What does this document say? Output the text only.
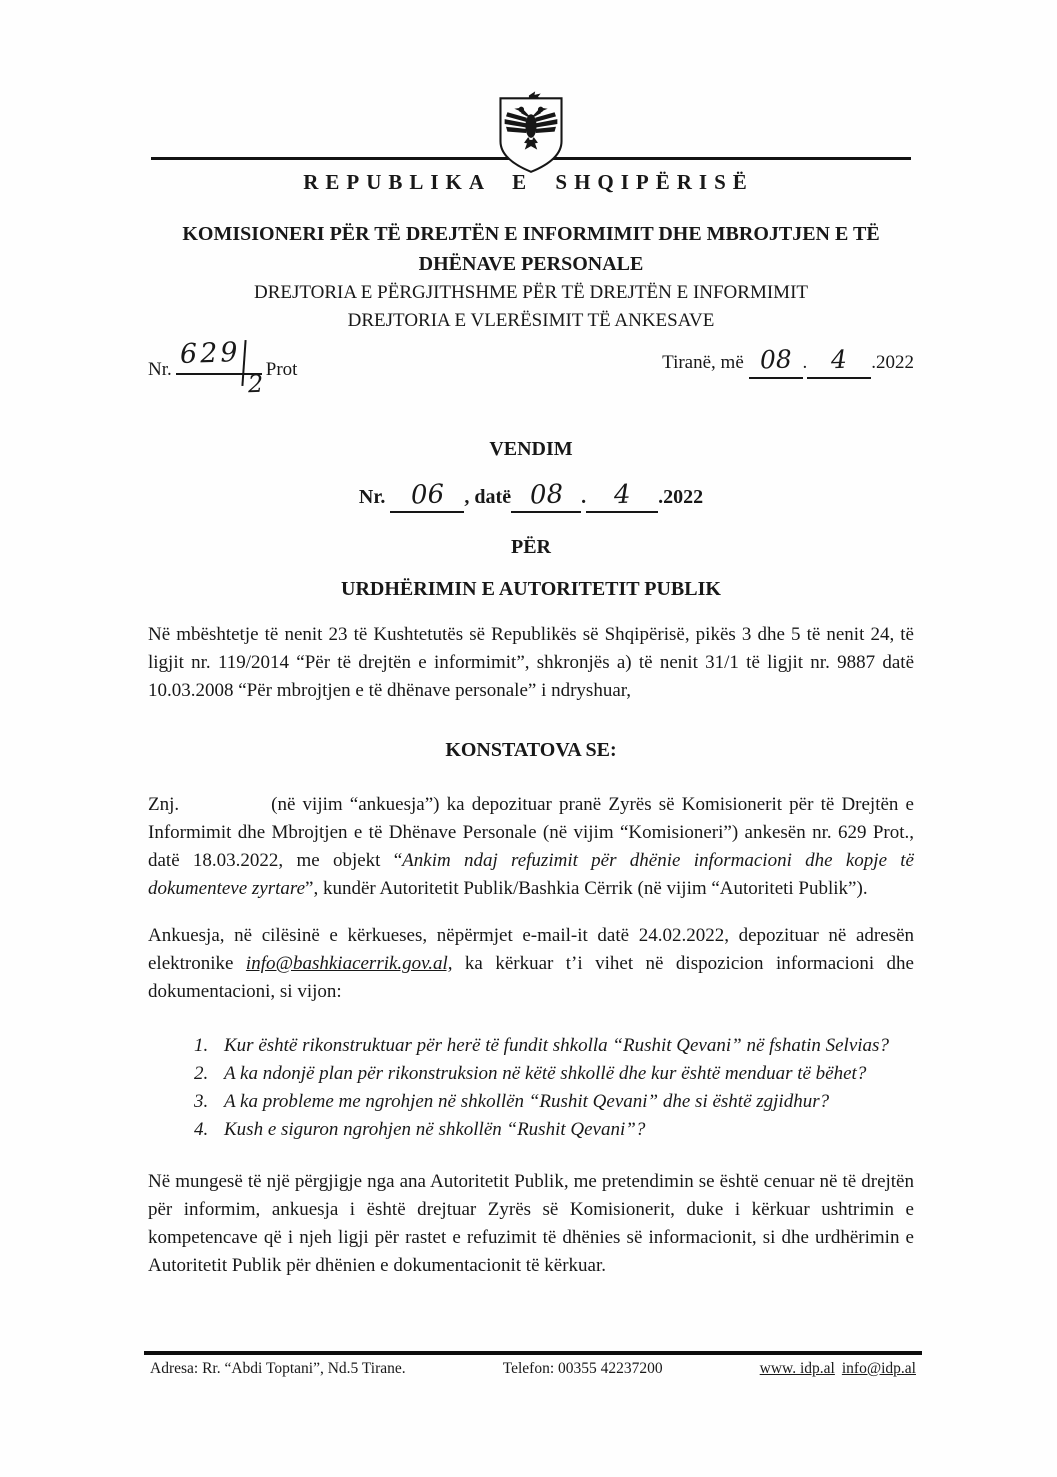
REPUBLIKA E SHQIPËRISË
KOMISIONERI PËR TË DREJTËN E INFORMIMIT DHE MBROJTJEN E TË
DHËNAVE PERSONALE
DREJTORIA E PËRGJITHSHME PËR TË DREJTËN E INFORMIMIT
DREJTORIA E VLERËSIMIT TË ANKESAVE
Nr. 629
2
Prot	Tiranë, më 08 . 4 .2022
VENDIM
Nr. 06 , datë 08 . 4 .2022
PËR
URDHËRIMIN E AUTORITETIT PUBLIK

Në mbështetje të nenit 23 të Kushtetutës së Republikës së Shqipërisë, pikës 3 dhe 5 të nenit 24, të ligjit nr. 119/2014 “Për të drejtën e informimit”, shkronjës a) të nenit 31/1 të ligjit nr. 9887 datë 10.03.2008 “Për mbrojtjen e të dhënave personale” i ndryshuar,

KONSTATOVA SE:

Znj.	(në vijim “ankuesja”) ka depozituar pranë Zyrës së Komisionerit për të Drejtën e Informimit dhe Mbrojtjen e të Dhënave Personale (në vijim “Komisioneri”) ankesën nr. 629 Prot., datë 18.03.2022, me objekt “Ankim ndaj refuzimit për dhënie informacioni dhe kopje të dokumenteve zyrtare”, kundër Autoritetit Publik/Bashkia Cërrik (në vijim “Autoriteti Publik”).

Ankuesja, në cilësinë e kërkueses, nëpërmjet e-mail-it datë 24.02.2022, depozituar në adresën elektronike info@bashkiacerrik.gov.al, ka kërkuar t’i vihet në dispozicion informacioni dhe dokumentacioni, si vijon:

1. Kur është rikonstruktuar për herë të fundit shkolla “Rushit Qevani” në fshatin Selvias?
2. A ka ndonjë plan për rikonstruksion në këtë shkollë dhe kur është menduar të bëhet?
3. A ka probleme me ngrohjen në shkollën “Rushit Qevani” dhe si është zgjidhur?
4. Kush e siguron ngrohjen në shkollën “Rushit Qevani”?

Në mungesë të një përgjigje nga ana Autoritetit Publik, me pretendimin se është cenuar në të drejtën për informim, ankuesja i është drejtuar Zyrës së Komisionerit, duke i kërkuar ushtrimin e kompetencave që i njeh ligji për rastet e refuzimit të dhënies së informacionit, si dhe urdhërimin e Autoritetit Publik për dhënien e dokumentacionit të kërkuar.

Adresa: Rr. “Abdi Toptani”, Nd.5 Tirane.	Telefon: 00355 42237200	www. idp.al info@idp.al
